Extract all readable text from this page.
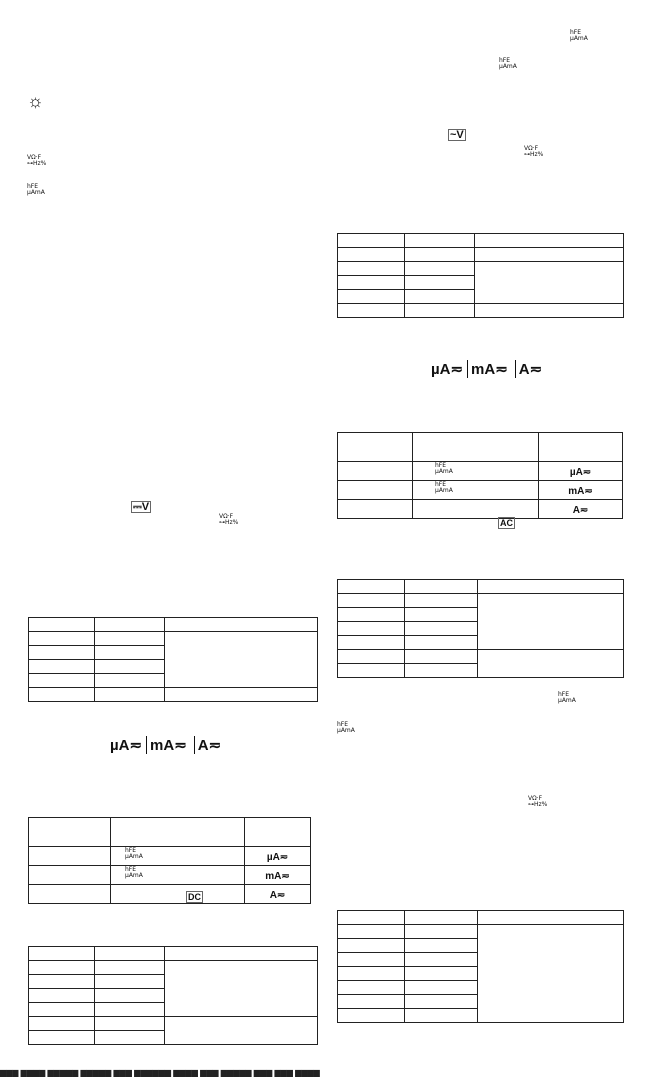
☼
VΩ·F
⊶Hz%
hFE
µAmA
⎓V
VΩ·F
⊶Hz%

µA≂ mA≂ A≂

	hFE
µAmA	µA≂

	hFE
µAmA	mA≂
		A≂
DC

hFE
µAmA
hFE
µAmA
~V
VΩ·F
⊶Hz%

µA≂ mA≂ A≂

	hFE
µAmA	µA≂

	hFE
µAmA	mA≂
		A≂
AC

hFE
µAmA
hFE
µAmA
VΩ·F
⊶Hz%

▆▆▆ ▆▆▆▆ ▆▆▆▆▆ ▆▆▆▆▆ ▆▆▆ ▆▆▆▆▆▆ ▆▆▆▆ ▆▆▆ ▆▆▆▆▆ ▆▆▆ ▆▆▆ ▆▆▆▆
